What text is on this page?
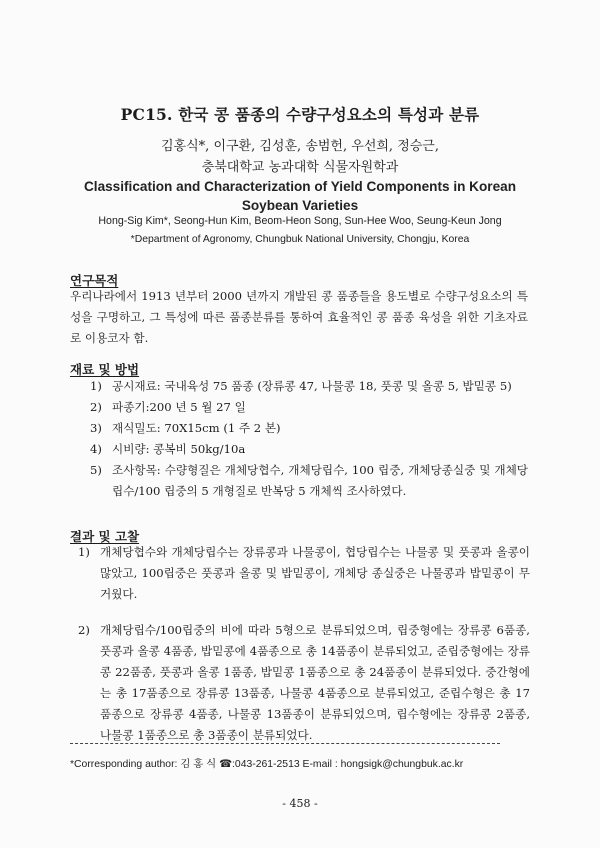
PC15. 한국 콩 품종의 수량구성요소의 특성과 분류
김홍식*, 이구환, 김성훈, 송범헌, 우선희, 정승근,
충북대학교 농과대학 식물자원학과
Classification and Characterization of Yield Components in Korean
Soybean Varieties
Hong-Sig Kim*, Seong-Hun Kim, Beom-Heon Song, Sun-Hee Woo, Seung-Keun Jong
*Department of Agronomy, Chungbuk National University, Chongju, Korea
연구목적
우리나라에서 1913 년부터 2000 년까지 개발된 콩 품종들을 용도별로 수량구성요소의 특성을 구명하고, 그 특성에 따른 품종분류를 통하여 효율적인 콩 품종 육성을 위한 기초자료로 이용코자 함.
재료 및 방법
1) 공시재료: 국내육성 75 품종 (장류콩 47, 나물콩 18, 풋콩 및 올콩 5, 밥밑콩 5)
2) 파종기:200 년 5 월 27 일
3) 재식밀도: 70X15cm (1 주 2 본)
4) 시비량: 콩복비 50kg/10a
5) 조사항목: 수량형질은 개체당협수, 개체당립수, 100 립중, 개체당종실중 및 개체당립수/100 립중의 5 개형질로 반복당 5 개체씩 조사하였다.
결과 및 고찰
1) 개체당협수와 개체당립수는 장류콩과 나물콩이, 협당립수는 나물콩 및 풋콩과 올콩이 많았고, 100립중은 풋콩과 올콩 및 밥밑콩이, 개체당 종실중은 나물콩과 밥밑콩이 무거웠다.
2) 개체당립수/100립중의 비에 따라 5형으로 분류되었으며, 립중형에는 장류콩 6품종, 풋콩과 올콩 4품종, 밥밑콩에 4품종으로 총 14품종이 분류되었고, 준립중형에는 장류콩 22품종, 풋콩과 올콩 1품종, 밥밑콩 1품종으로 총 24품종이 분류되었다. 중간형에는 총 17품종으로 장류콩 13품종, 나물콩 4품종으로 분류되었고, 준립수형은 총 17품종으로 장류콩 4품종, 나물콩 13품종이 분류되었으며, 립수형에는 장류콩 2품종, 나물콩 1품종으로 총 3품종이 분류되었다.
*Corresponding author: 김 홍 식 ☎:043-261-2513 E-mail : hongsigk@chungbuk.ac.kr
- 458 -
